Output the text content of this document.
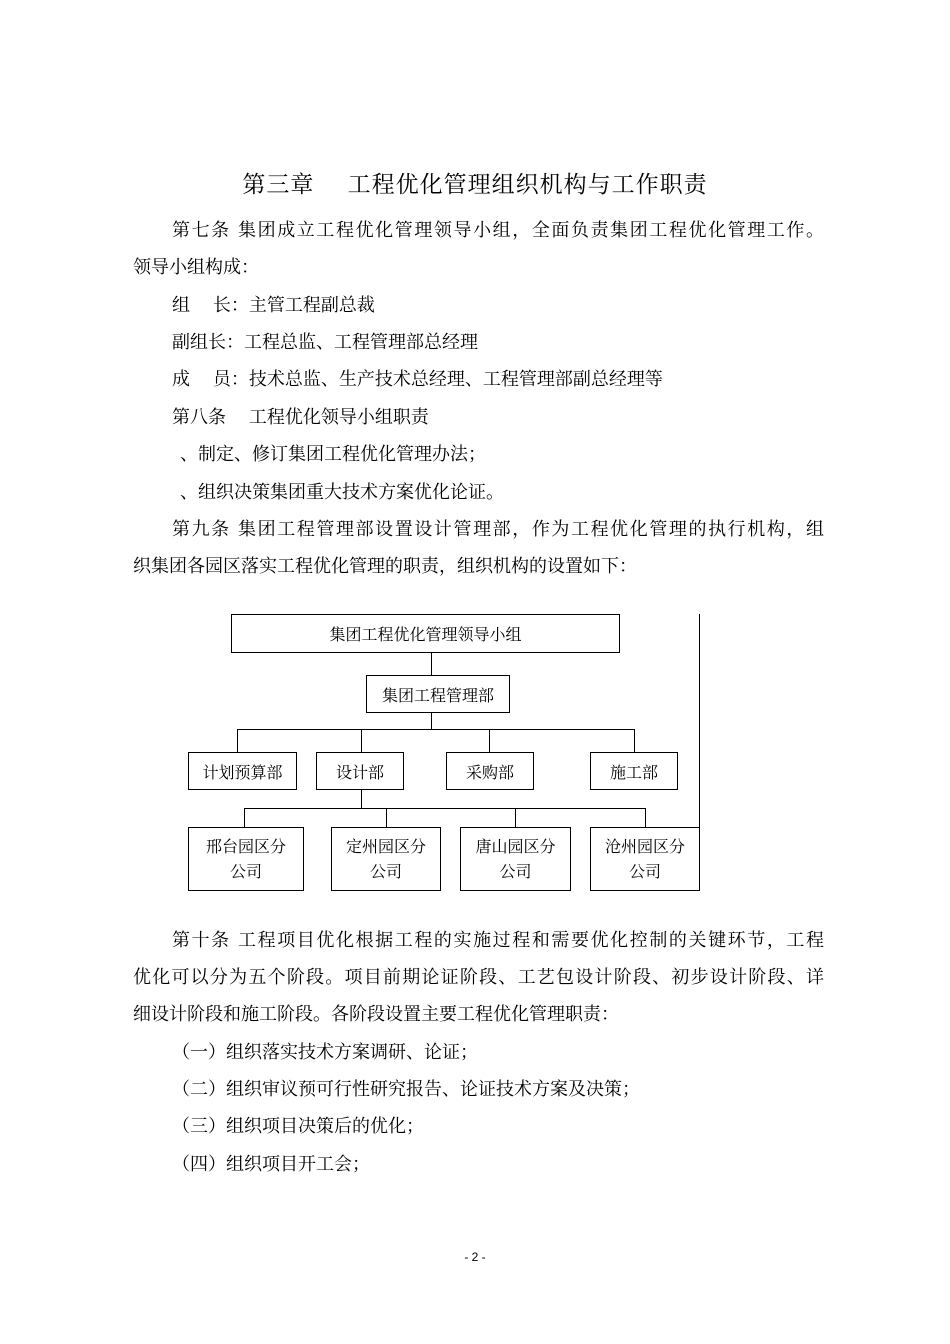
第三章    工程优化管理组织机构与工作职责
第七条 集团成立工程优化管理领导小组，全面负责集团工程优化管理工作。
领导小组构成：
组    长：主管工程副总裁
副组长：工程总监、工程管理部总经理
成    员：技术总监、生产技术总经理、工程管理部副总经理等
第八条    工程优化领导小组职责
、制定、修订集团工程优化管理办法；
、组织决策集团重大技术方案优化论证。
第九条 集团工程管理部设置设计管理部，作为工程优化管理的执行机构，组
织集团各园区落实工程优化管理的职责，组织机构的设置如下：
集团工程优化管理领导小组
集团工程管理部
计划预算部	设计部	采购部	施工部
邢台园区分
公司
定州园区分
公司
唐山园区分
公司
沧州园区分
公司
第十条 工程项目优化根据工程的实施过程和需要优化控制的关键环节，工程
优化可以分为五个阶段。项目前期论证阶段、工艺包设计阶段、初步设计阶段、详
细设计阶段和施工阶段。各阶段设置主要工程优化管理职责：
（一）组织落实技术方案调研、论证；
（二）组织审议预可行性研究报告、论证技术方案及决策；
（三）组织项目决策后的优化；
（四）组织项目开工会；
- 2 -
